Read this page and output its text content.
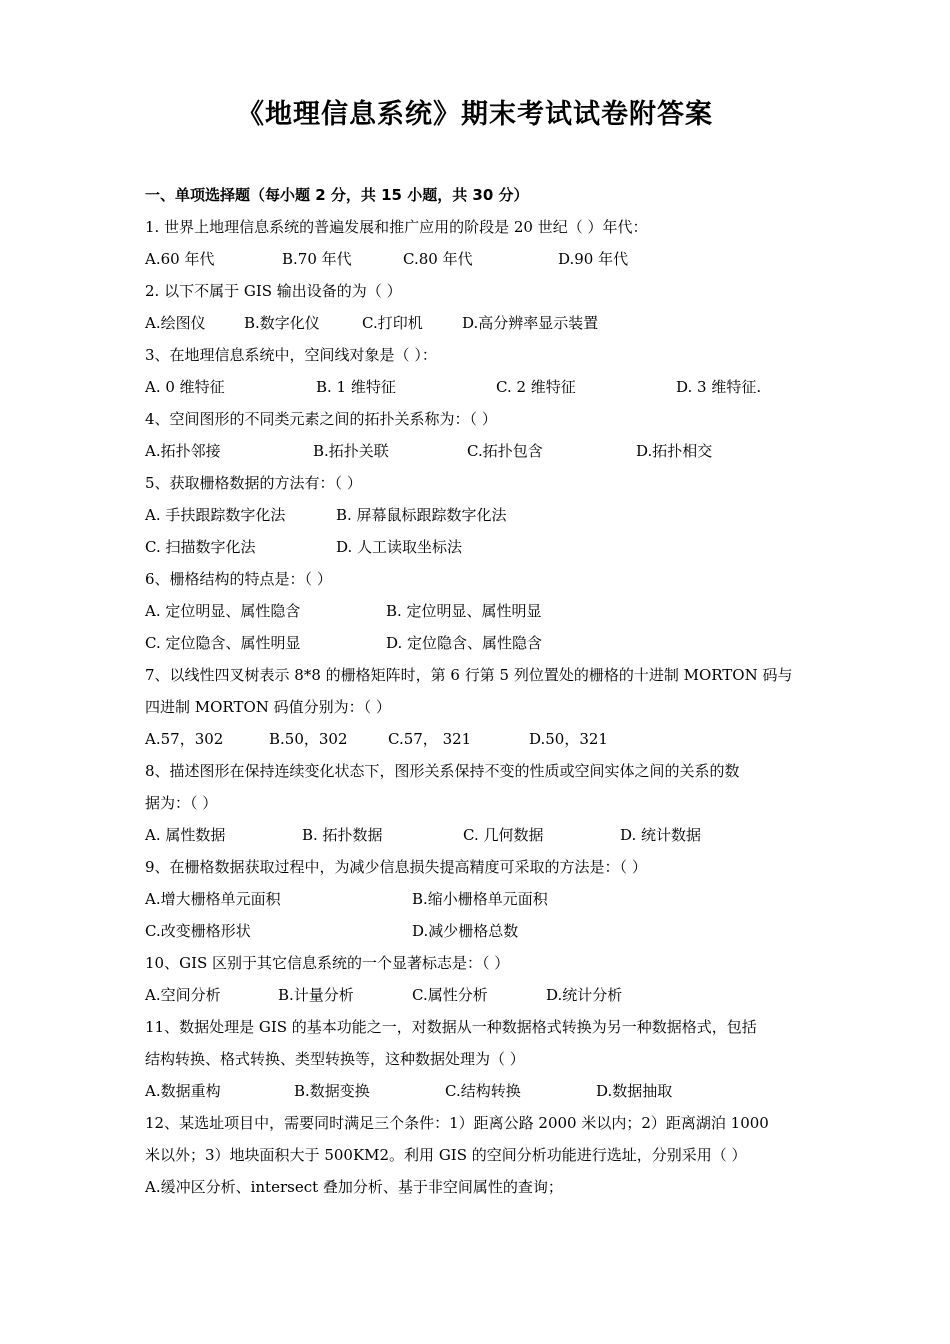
《地理信息系统》期末考试试卷附答案
一、单项选择题（每小题 2 分，共 15 小题，共 30 分）
1. 世界上地理信息系统的普遍发展和推广应用的阶段是 20 世纪（ ）年代：
A.60 年代	B.70 年代	C.80 年代	D.90 年代
2. 以下不属于 GIS 输出设备的为（ ）
A.绘图仪	B.数字化仪	C.打印机	D.高分辨率显示装置
3、在地理信息系统中，空间线对象是（ ）：
A. 0 维特征	B. 1 维特征	C. 2 维特征	D. 3 维特征.
4、空间图形的不同类元素之间的拓扑关系称为：（ ）
A.拓扑邻接	B.拓扑关联	C.拓扑包含	D.拓扑相交
5、获取栅格数据的方法有：（ ）
A. 手扶跟踪数字化法	B. 屏幕鼠标跟踪数字化法
C. 扫描数字化法	D. 人工读取坐标法
6、栅格结构的特点是：（ ）
A. 定位明显、属性隐含	B. 定位明显、属性明显
C. 定位隐含、属性明显	D. 定位隐含、属性隐含
7、以线性四叉树表示 8*8 的栅格矩阵时，第 6 行第 5 列位置处的栅格的十进制 MORTON 码与
四进制 MORTON 码值分别为：（ ）
A.57，302	B.50，302	C.57， 321	D.50，321
8、描述图形在保持连续变化状态下，图形关系保持不变的性质或空间实体之间的关系的数
据为：（ ）
A. 属性数据	B. 拓扑数据	C. 几何数据	D. 统计数据
9、在栅格数据获取过程中，为减少信息损失提高精度可采取的方法是：（ ）
A.增大栅格单元面积	B.缩小栅格单元面积
C.改变栅格形状	D.减少栅格总数
10、GIS 区别于其它信息系统的一个显著标志是：（ ）
A.空间分析	B.计量分析	C.属性分析	D.统计分析
11、数据处理是 GIS 的基本功能之一，对数据从一种数据格式转换为另一种数据格式，包括
结构转换、格式转换、类型转换等，这种数据处理为（ ）
A.数据重构	B.数据变换	C.结构转换	D.数据抽取
12、某选址项目中，需要同时满足三个条件：1）距离公路 2000 米以内；2）距离湖泊 1000
米以外；3）地块面积大于 500KM2。利用 GIS 的空间分析功能进行选址，分别采用（ ）
A.缓冲区分析、intersect 叠加分析、基于非空间属性的查询；
